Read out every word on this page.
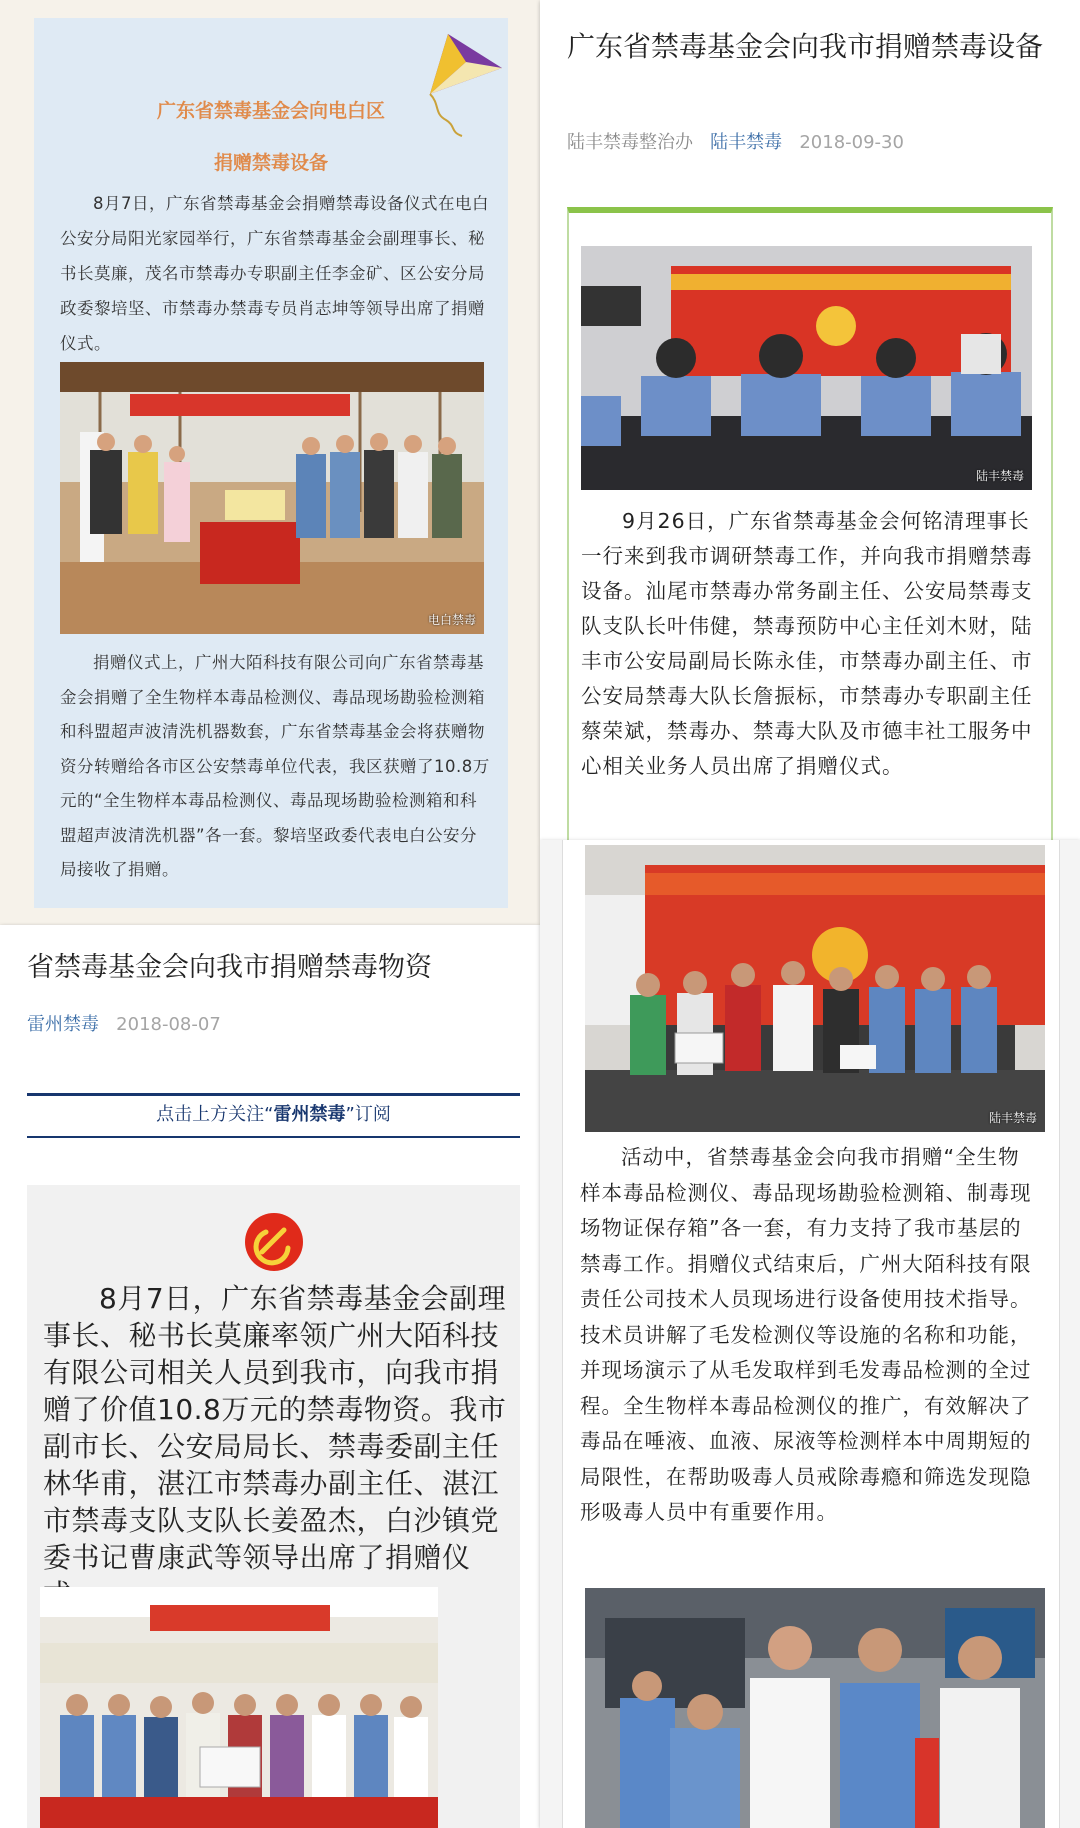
广东省禁毒基金会向电白区
捐赠禁毒设备
8月7日，广东省禁毒基金会捐赠禁毒设备仪式在电白公安分局阳光家园举行，广东省禁毒基金会副理事长、秘书长莫廉，茂名市禁毒办专职副主任李金矿、区公安分局政委黎培坚、市禁毒办禁毒专员肖志坤等领导出席了捐赠仪式。
电白禁毒
捐赠仪式上，广州大陌科技有限公司向广东省禁毒基金会捐赠了全生物样本毒品检测仪、毒品现场勘验检测箱和科盟超声波清洗机器数套，广东省禁毒基金会将获赠物资分转赠给各市区公安禁毒单位代表，我区获赠了10.8万元的“全生物样本毒品检测仪、毒品现场勘验检测箱和科盟超声波清洗机器”各一套。黎培坚政委代表电白公安分局接收了捐赠。
广东省禁毒基金会向我市捐赠禁毒设备
陆丰禁毒整治办 陆丰禁毒 2018-09-30
陆丰禁毒
9月26日，广东省禁毒基金会何铭清理事长一行来到我市调研禁毒工作，并向我市捐赠禁毒设备。汕尾市禁毒办常务副主任、公安局禁毒支队支队长叶伟健，禁毒预防中心主任刘木财，陆丰市公安局副局长陈永佳，市禁毒办副主任、市公安局禁毒大队长詹振标，市禁毒办专职副主任蔡荣斌，禁毒办、禁毒大队及市德丰社工服务中心相关业务人员出席了捐赠仪式。
省禁毒基金会向我市捐赠禁毒物资
雷州禁毒 2018-08-07
点击上方关注“雷州禁毒”订阅
8月7日，广东省禁毒基金会副理事长、秘书长莫廉率领广州大陌科技有限公司相关人员到我市，向我市捐赠了价值10.8万元的禁毒物资。我市副市长、公安局局长、禁毒委副主任林华甫，湛江市禁毒办副主任、湛江市禁毒支队支队长姜盈杰，白沙镇党委书记曹康武等领导出席了捐赠仪
陆丰禁毒
活动中，省禁毒基金会向我市捐赠“全生物样本毒品检测仪、毒品现场勘验检测箱、制毒现场物证保存箱”各一套，有力支持了我市基层的禁毒工作。捐赠仪式结束后，广州大陌科技有限责任公司技术人员现场进行设备使用技术指导。技术员讲解了毛发检测仪等设施的名称和功能，并现场演示了从毛发取样到毛发毒品检测的全过程。全生物样本毒品检测仪的推广，有效解决了毒品在唾液、血液、尿液等检测样本中周期短的局限性，在帮助吸毒人员戒除毒瘾和筛选发现隐形吸毒人员中有重要作用。
